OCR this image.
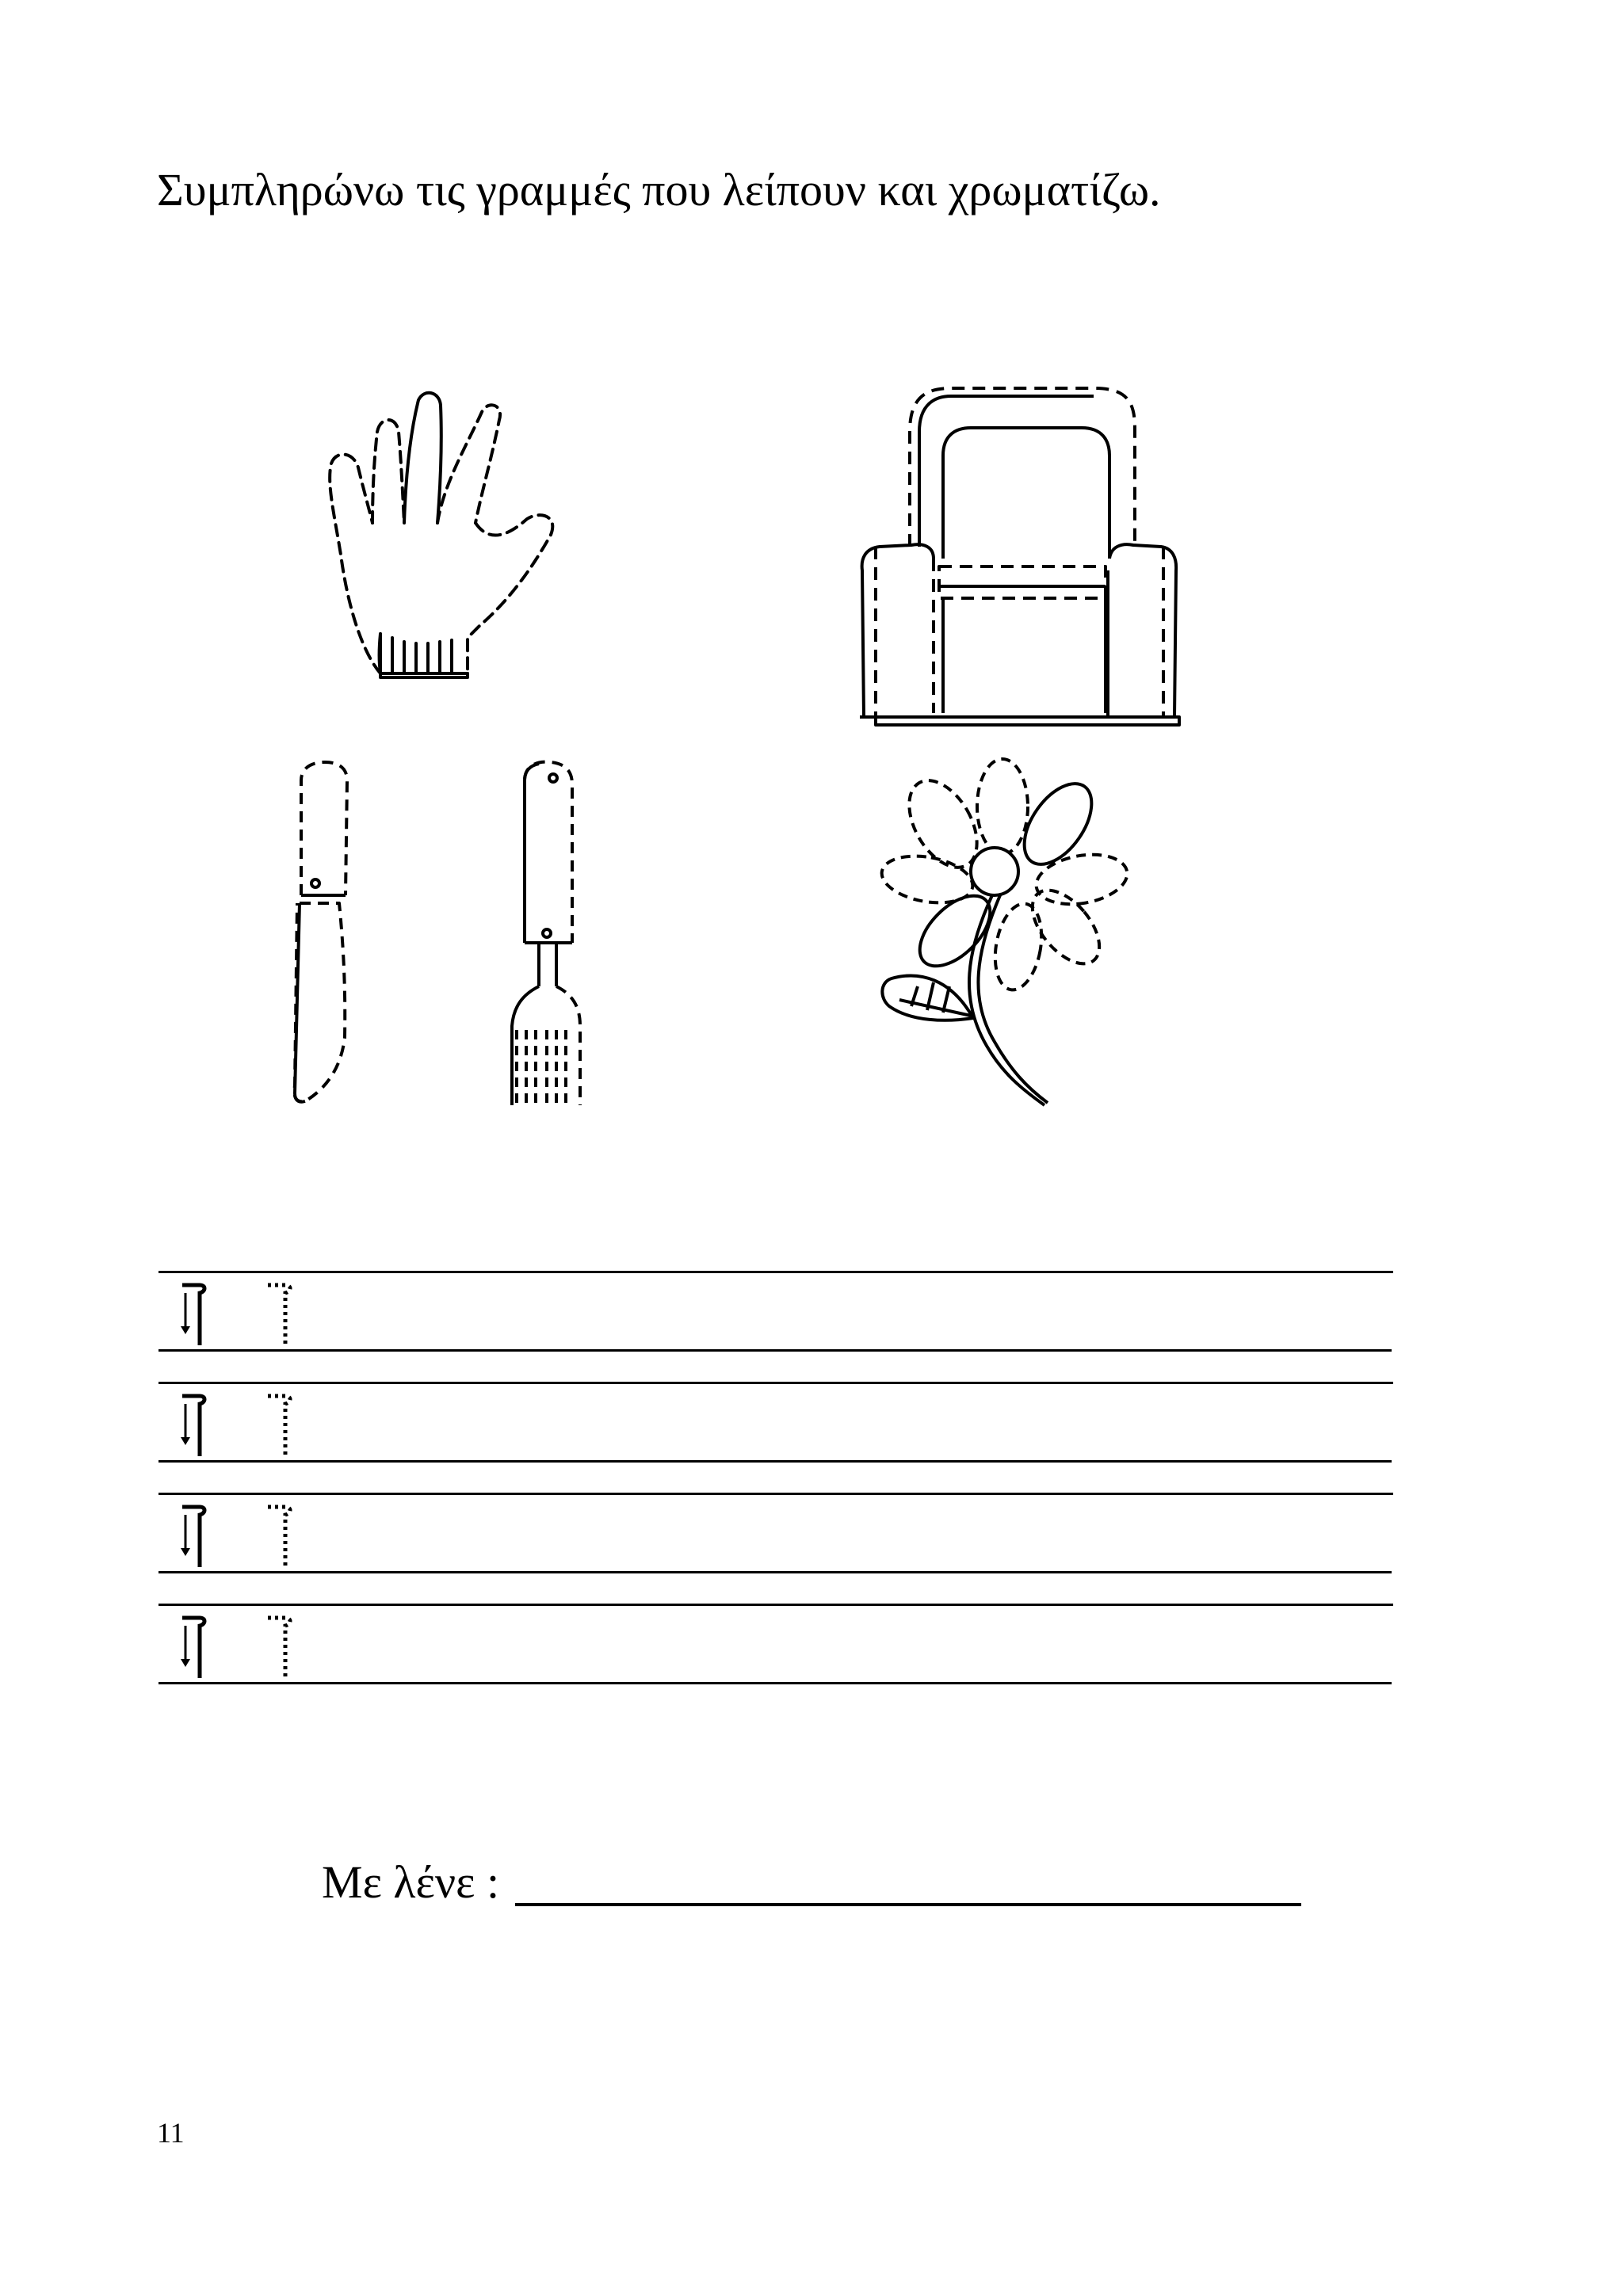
Συμπληρώνω τις γραμμές που λείπουν και χρωματίζω.
Με λένε :
11
